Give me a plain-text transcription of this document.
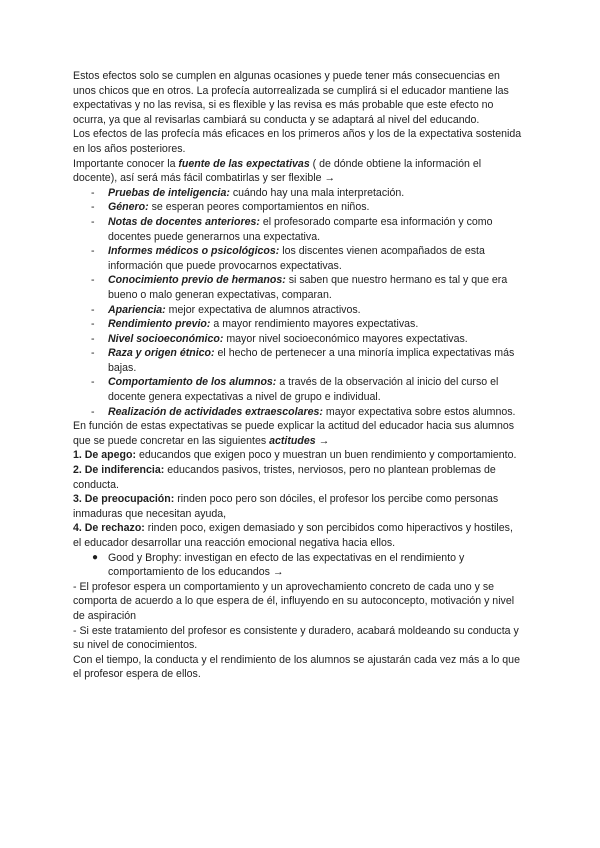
Estos efectos solo se cumplen en algunas ocasiones y puede tener más consecuencias en unos chicos que en otros. La profecía autorrealizada se cumplirá si el educador mantiene las expectativas y no las revisa, si es flexible y las revisa es más probable que este efecto no ocurra, ya que al revisarlas cambiará su conducta y se adaptará al nivel del educando.

Los efectos de las profecía más eficaces en los primeros años y los de la expectativa sostenida en los años posteriores.

Importante conocer la fuente de las expectativas ( de dónde obtiene la información el docente), así será más fácil combatirlas y ser flexible →

- Pruebas de inteligencia: cuándo hay una mala interpretación.
- Género: se esperan peores comportamientos en niños.
- Notas de docentes anteriores: el profesorado comparte esa información y como docentes puede generarnos una expectativa.
- Informes médicos o psicológicos: los discentes vienen acompañados de esta información que puede provocarnos expectativas.
- Conocimiento previo de hermanos: si saben que nuestro hermano es tal y que era bueno o malo generan expectativas, comparan.
- Apariencia: mejor expectativa de alumnos atractivos.
- Rendimiento previo: a mayor rendimiento mayores expectativas.
- Nivel socioeconómico: mayor nivel socioeconómico mayores expectativas.
- Raza y origen étnico: el hecho de pertenecer a una minoría implica expectativas más bajas.
- Comportamiento de los alumnos: a través de la observación al inicio del curso el docente genera expectativas a nivel de grupo e individual.
- Realización de actividades extraescolares: mayor expectativa sobre estos alumnos.

En función de estas expectativas se puede explicar la actitud del educador hacia sus alumnos que se puede concretar en las siguientes actitudes →

1. De apego: educandos que exigen poco y muestran un buen rendimiento y comportamiento.

2. De indiferencia: educandos pasivos, tristes, nerviosos, pero no plantean problemas de conducta.

3. De preocupación: rinden poco pero son dóciles, el profesor los percibe como personas inmaduras que necesitan ayuda,

4. De rechazo: rinden poco, exigen demasiado y son percibidos como hiperactivos y hostiles, el educador desarrollar una reacción emocional negativa hacia ellos.

● Good y Brophy: investigan en efecto de las expectativas en el rendimiento y comportamiento de los educandos →

- El profesor espera un comportamiento y un aprovechamiento concreto de cada uno y se comporta de acuerdo a lo que espera de él, influyendo en su autoconcepto, motivación y nivel de aspiración

- Si este tratamiento del profesor es consistente y duradero, acabará moldeando su conducta y su nivel de conocimientos.

Con el tiempo, la conducta y el rendimiento de los alumnos se ajustarán cada vez más a lo que el profesor espera de ellos.
